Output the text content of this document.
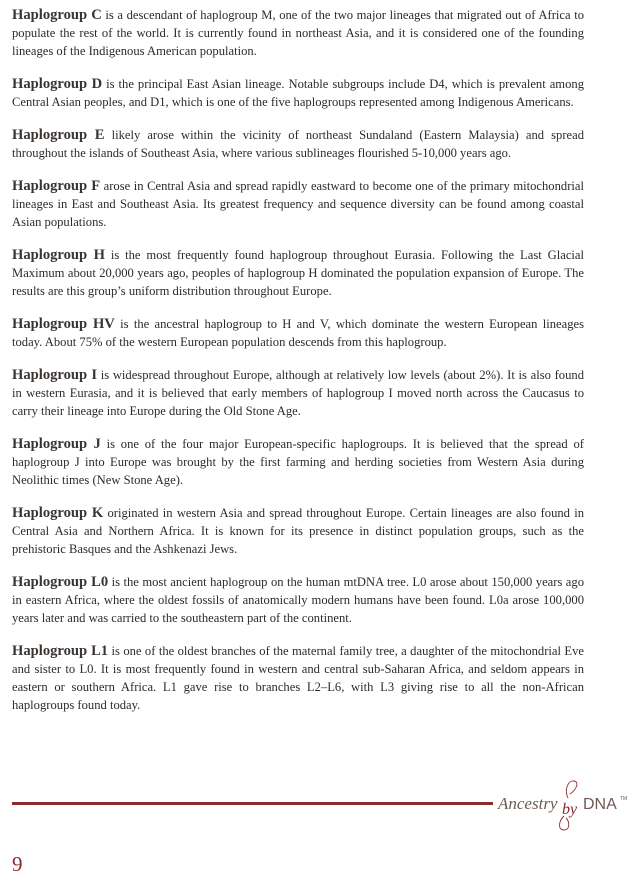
Haplogroup C is a descendant of haplogroup M, one of the two major lineages that migrated out of Africa to populate the rest of the world. It is currently found in northeast Asia, and it is considered one of the founding lineages of the Indigenous American population.

Haplogroup D is the principal East Asian lineage. Notable subgroups include D4, which is prevalent among Central Asian peoples, and D1, which is one of the five haplogroups represented among Indigenous Americans.

Haplogroup E likely arose within the vicinity of northeast Sundaland (Eastern Malaysia) and spread throughout the islands of Southeast Asia, where various sublineages flourished 5-10,000 years ago.

Haplogroup F arose in Central Asia and spread rapidly eastward to become one of the primary mitochondrial lineages in East and Southeast Asia. Its greatest frequency and sequence diversity can be found among coastal Asian populations.

Haplogroup H is the most frequently found haplogroup throughout Eurasia. Following the Last Glacial Maximum about 20,000 years ago, peoples of haplogroup H dominated the population expansion of Europe. The results are this group’s uniform distribution throughout Europe.

Haplogroup HV is the ancestral haplogroup to H and V, which dominate the western European lineages today. About 75% of the western European population descends from this haplogroup.

Haplogroup I is widespread throughout Europe, although at relatively low levels (about 2%). It is also found in western Eurasia, and it is believed that early members of haplogroup I moved north across the Caucasus to carry their lineage into Europe during the Old Stone Age.

Haplogroup J is one of the four major European-specific haplogroups. It is believed that the spread of haplogroup J into Europe was brought by the first farming and herding societies from Western Asia during Neolithic times (New Stone Age).

Haplogroup K originated in western Asia and spread throughout Europe. Certain lineages are also found in Central Asia and Northern Africa. It is known for its presence in distinct population groups, such as the prehistoric Basques and the Ashkenazi Jews.

Haplogroup L0 is the most ancient haplogroup on the human mtDNA tree. L0 arose about 150,000 years ago in eastern Africa, where the oldest fossils of anatomically modern humans have been found. L0a arose 100,000 years later and was carried to the southeastern part of the continent.

Haplogroup L1 is one of the oldest branches of the maternal family tree, a daughter of the mitochondrial Eve and sister to L0. It is most frequently found in western and central sub-Saharan Africa, and seldom appears in eastern or southern Africa. L1 gave rise to branches L2–L6, with L3 giving rise to all the non-African haplogroups found today.

Ancestry by DNA TM
9
